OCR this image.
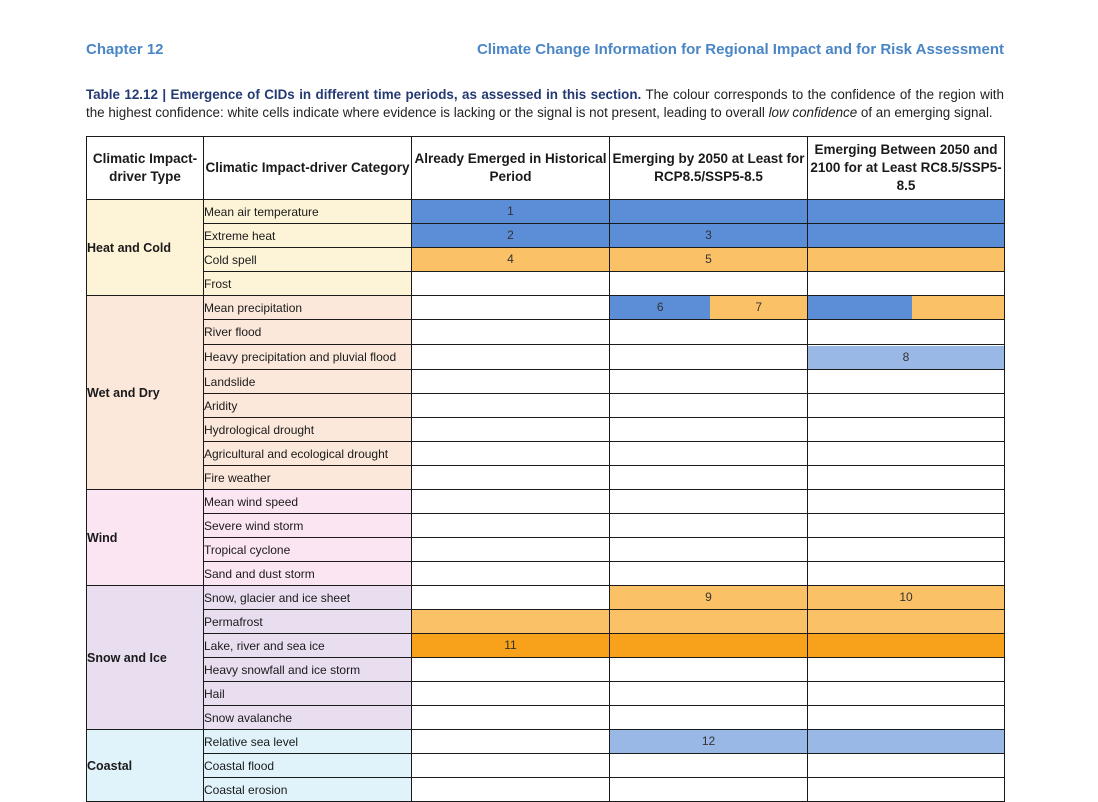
Chapter 12	Climate Change Information for Regional Impact and for Risk Assessment
Table 12.12 | Emergence of CIDs in different time periods, as assessed in this section. The colour corresponds to the confidence of the region with the highest confidence: white cells indicate where evidence is lacking or the signal is not present, leading to overall low confidence of an emerging signal.
Climatic Impact-driver Type	Climatic Impact-driver Category	Already Emerged in Historical Period	Emerging by 2050 at Least for RCP8.5/SSP5-8.5	Emerging Between 2050 and 2100 for at Least RC8.5/SSP5-8.5
Heat and Cold	Mean air temperature	1		

	Extreme heat	2	3	

	Cold spell	4	5	

	Frost			
Wet and Dry	Mean precipitation		6 7	

	River flood			
	Heavy precipitation and pluvial flood			8

	Landslide			
	Aridity			
	Hydrological drought			
	Agricultural and ecological drought			
	Fire weather			
Wind	Mean wind speed			
	Severe wind storm			
	Tropical cyclone			
	Sand and dust storm			
Snow and Ice	Snow, glacier and ice sheet		9	10

	Permafrost	

	Lake, river and sea ice	11		

	Heavy snowfall and ice storm			
	Hail			
	Snow avalanche			
Coastal	Relative sea level		12	

	Coastal flood			
	Coastal erosion			
